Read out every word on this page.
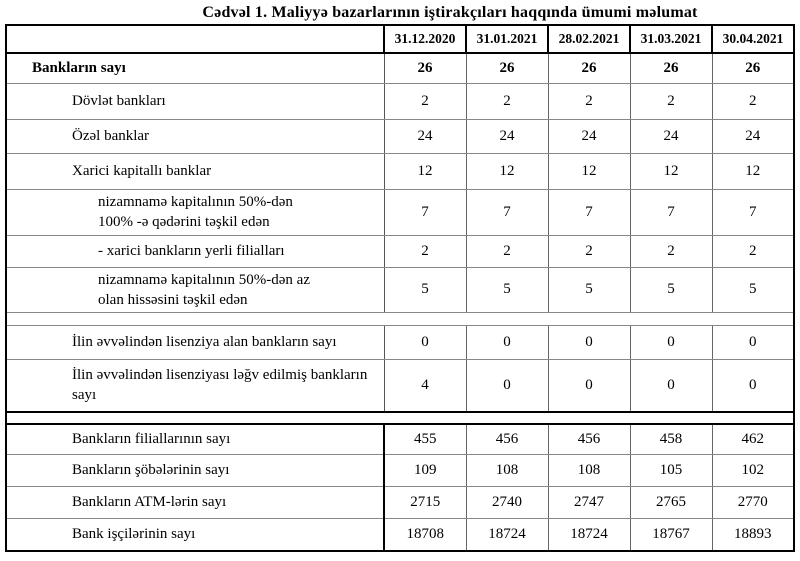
Cədvəl 1. Maliyyə bazarlarının iştirakçıları haqqında ümumi məlumat
	31.12.2020	31.01.2021	28.02.2021	31.03.2021	30.04.2021
Bankların sayı	26	26	26	26	26
Dövlət bankları	2	2	2	2	2
Özəl banklar	24	24	24	24	24
Xarici kapitallı banklar	12	12	12	12	12
nizamnamə kapitalının 50%-dən 100% -ə qədərini təşkil edən	7	7	7	7	7
- xarici bankların yerli filialları	2	2	2	2	2
nizamnamə kapitalının 50%-dən az olan hissəsini təşkil edən	5	5	5	5	5

İlin əvvəlindən lisenziya alan bankların sayı	0	0	0	0	0
İlin əvvəlindən lisenziyası ləğv edilmiş bankların sayı	4	0	0	0	0

Bankların filiallarının sayı	455	456	456	458	462
Bankların şöbələrinin sayı	109	108	108	105	102
Bankların ATM-lərin sayı	2715	2740	2747	2765	2770
Bank işçilərinin sayı	18708	18724	18724	18767	18893
